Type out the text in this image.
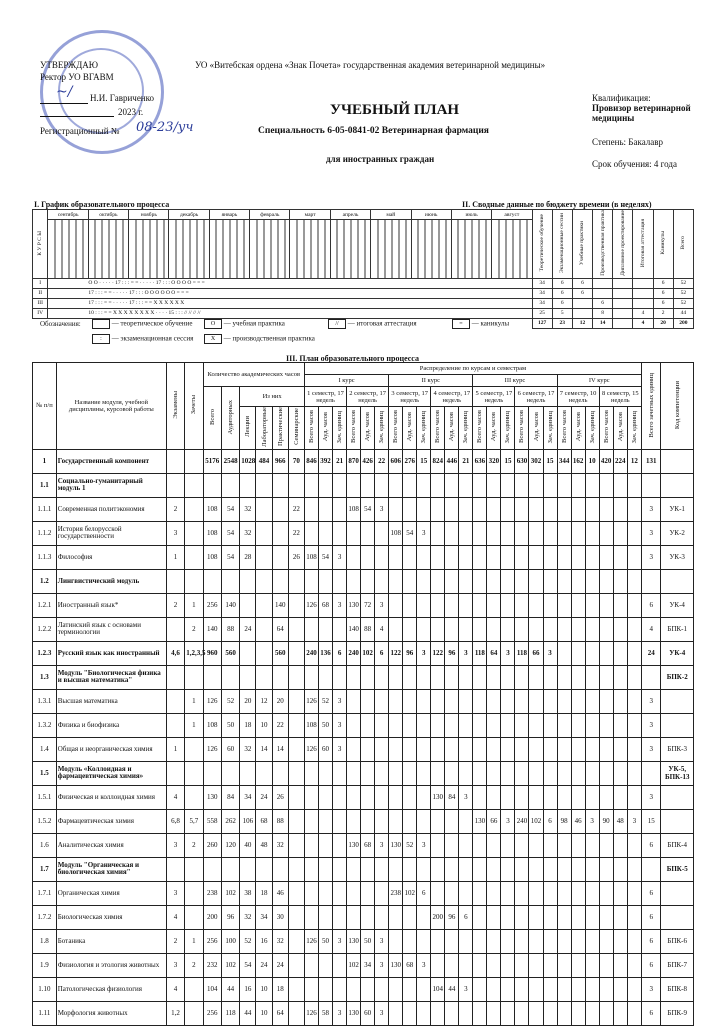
УТВЕРЖДАЮ
Ректор УО ВГАВМ
Н.И. Гавриченко
~/
2023 г.
Регистрационный № 08-23/уч
УО «Витебская ордена «Знак Почета» государственная академия ветеринарной медицины»
УЧЕБНЫЙ ПЛАН
Специальность 6-05-0841-02 Ветеринарная фармация
для иностранных граждан
Квалификация:
Провизор ветеринарной
медицины
Степень: Бакалавр
Срок обучения: 4 года
I. График образовательного процесса	II. Сводные данные по бюджету времени (в неделях)
К У Р С Ы	сентябрь	октябрь	ноябрь	декабрь	январь	февраль	март	апрель	май	июнь	июль	август	Теоретическое обучение	Экзаменационные сессии	Учебные практики	Производственная практика	Дипломное проектирование	Итоговая аттестация	Каникулы	Всего

I	О О · · · · · 17 : : : = = · · · · · 17 : : : О О О О = = =												34	6	6				6	52
II	17 : : : = = · · · · · 17 : : : О О О О О О = = =												34	6	6				6	52
III	17 : : : = = · · · · · 17 : : : = = Х Х Х Х Х Х												34	6		6			6	52
IV	10 : : : = = Х Х Х Х Х Х Х Х · · · · 15 : : : // // // //												25	5		8		4	2	44
													127	23	12	14		4	20	200
Обозначения:	— теоретическое обучение	О — учебная практика	// — итоговая аттестация	= — каникулы
: — экзаменационная сессия	Х — производственная практика
III. План образовательного процесса
№ п/п	Название модуля, учебной дисциплины, курсовой работы	Экзамены	Зачеты	Количество академических часов						Распределение по курсам и семестрам																								Всего зачетных единиц	Код компетенции
										I курс						II курс						III курс						IV курс							
				Всего	Аудиторных	Из них				1 семестр, 17 недель			2 семестр, 17 недель			3 семестр, 17 недель			4 семестр, 17 недель			5 семестр, 17 недель			6 семестр, 17 недель			7 семестр, 10 недель			8 семестр, 15 недель				
						Лекции	Лабораторные	Практические	Семинарские	Всего часов	Ауд. часов	Зач. единиц	Всего часов	Ауд. часов	Зач. единиц	Всего часов	Ауд. часов	Зач. единиц	Всего часов	Ауд. часов	Зач. единиц	Всего часов	Ауд. часов	Зач. единиц	Всего часов	Ауд. часов	Зач. единиц	Всего часов	Ауд. часов	Зач. единиц	Всего часов	Ауд. часов	Зач. единиц		
1	Государственный компонент			5176	2548	1028	484	966	70	846	392	21	870	426	22	606	276	15	824	446	21	636	320	15	630	302	15	344	162	10	420	224	12	131	
1.1	Социально-гуманитарный модуль 1																																		
1.1.1	Современная политэкономия	2		108	54	32			22				108	54	3																			3	УК-1
1.1.2	История белорусской государственности	3		108	54	32			22							108	54	3																3	УК-2
1.1.3	Философия	1		108	54	28			26	108	54	3																						3	УК-3
1.2	Лингвистический модуль																																		
1.2.1	Иностранный язык*	2	1	256	140			140		126	68	3	130	72	3																			6	УК-4
1.2.2	Латинский язык с основами терминологии		2	140	88	24		64					140	88	4																			4	БПК-1
1.2.3	Русский язык как иностранный	4,6	1,2,3,5	960	560			560		240	136	6	240	102	6	122	96	3	122	96	3	118	64	3	118	66	3							24	УК-4
1.3	Модуль "Биологическая физика и высшая математика"																																		БПК-2
1.3.1	Высшая математика		1	126	52	20	12	20		126	52	3																						3	
1.3.2	Физика и биофизика		1	108	50	18	10	22		108	50	3																						3	
1.4	Общая и неорганическая химия	1		126	60	32	14	14		126	60	3																						3	БПК-3
1.5	Модуль «Коллоидная и фармацевтическая химия»																																		УК-5, БПК-13
1.5.1	Физическая и коллоидная химия	4		130	84	34	24	26											130	84	3													3	
1.5.2	Фармацевтическая химия	6,8	5,7	558	262	106	68	88														130	66	3	240	102	6	98	46	3	90	48	3	15	
1.6	Аналитическая химия	3	2	260	120	40	48	32					130	68	3	130	52	3																6	БПК-4
1.7	Модуль "Органическая и биологическая химия"																																		БПК-5
1.7.1	Органическая химия	3		238	102	38	18	46								238	102	6																6	
1.7.2	Биологическая химия	4		200	96	32	34	30											200	96	6													6	
1.8	Ботаника	2	1	256	100	52	16	32		126	50	3	130	50	3																			6	БПК-6
1.9	Физиология и этология животных	3	2	232	102	54	24	24					102	34	3	130	68	3																6	БПК-7
1.10	Патологическая физиология	4		104	44	16	10	18											104	44	3													3	БПК-8
1.11	Морфология животных	1,2		256	118	44	10	64		126	58	3	130	60	3																			6	БПК-9
